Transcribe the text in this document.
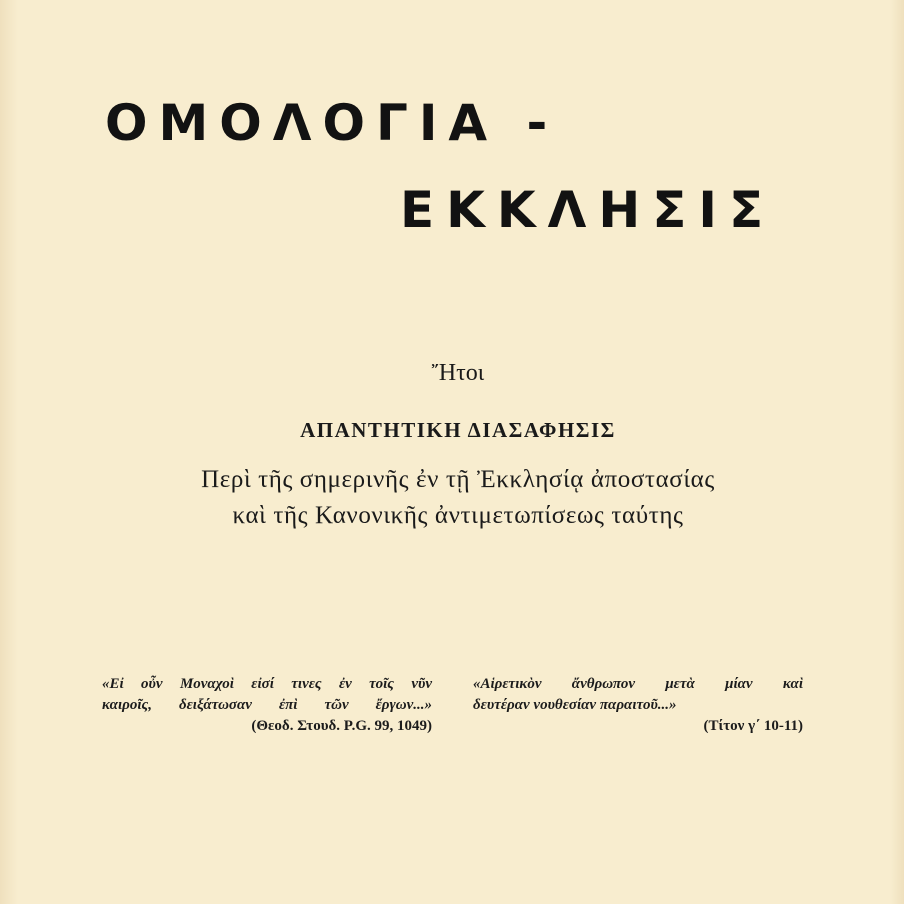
ΟΜΟΛΟΓΙΑ -
ΕΚΚΛΗΣΙΣ
Ἤτοι
ΑΠΑΝΤΗΤΙΚΗ ΔΙΑΣΑΦΗΣΙΣ
Περὶ τῆς σημερινῆς ἐν τῇ Ἐκκλησίᾳ ἀποστασίας
καὶ τῆς Κανονικῆς ἀντιμετωπίσεως ταύτης
«Εἰ οὖν Μοναχοὶ εἰσί τινες ἐν τοῖς νῦν
καιροῖς, δειξάτωσαν ἐπὶ τῶν ἔργων...»
(Θεοδ. Στουδ. P.G. 99, 1049)
«Αἱρετικὸν ἄνθρωπον μετὰ μίαν καὶ
δευτέραν νουθεσίαν παραιτοῦ...»
(Τίτον γ΄ 10-11)
